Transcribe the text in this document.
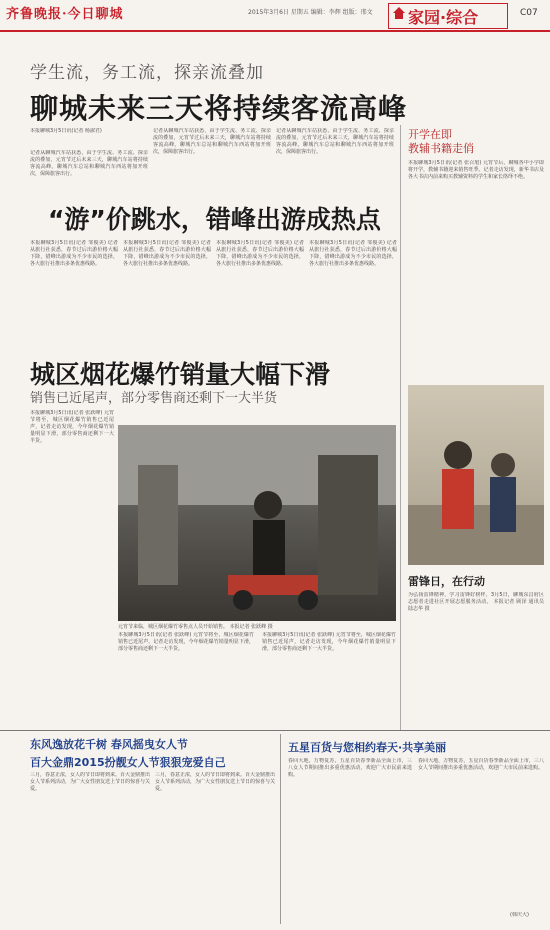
齐鲁晚报·今日聊城	2015年3月6日 星期五 编辑：李辉 组版：邢文 家园·综合	C07
学生流，务工流，探亲流叠加
聊城未来三天将持续客流高峰
本报聊城3月5日讯(记者 杨淑君)
记者从聊城汽车站获悉，由于学生流、务工流、探亲流的叠加，元宵节过后未来三天，聊城汽车站将持续客流高峰。聊城汽车总站和聊城汽车西站将加开班次，保障旅客出行。
记者从聊城汽车站获悉，由于学生流、务工流、探亲流的叠加，元宵节过后未来三天，聊城汽车站将持续客流高峰。聊城汽车总站和聊城汽车西站将加开班次，保障旅客出行。
记者从聊城汽车站获悉，由于学生流、务工流、探亲流的叠加，元宵节过后未来三天，聊城汽车站将持续客流高峰。聊城汽车总站和聊城汽车西站将加开班次，保障旅客出行。
开学在即
教辅书籍走俏
本报聊城3月5日讯(记者 张召旭) 元宵节后，聊城各中小学即将开学，教辅书籍迎来销售旺季。记者走访发现，新华书店及各大书店内前来购买教辅资料的学生和家长络绎不绝。
“游”价跳水，错峰出游成热点
本报聊城3月5日讯(记者 邹俊美) 记者从旅行社获悉，春节过后出游价格大幅下降，错峰出游成为不少市民的选择，各大旅行社推出多条优惠线路。
本报聊城3月5日讯(记者 邹俊美) 记者从旅行社获悉，春节过后出游价格大幅下降，错峰出游成为不少市民的选择，各大旅行社推出多条优惠线路。
本报聊城3月5日讯(记者 邹俊美) 记者从旅行社获悉，春节过后出游价格大幅下降，错峰出游成为不少市民的选择，各大旅行社推出多条优惠线路。
本报聊城3月5日讯(记者 邹俊美) 记者从旅行社获悉，春节过后出游价格大幅下降，错峰出游成为不少市民的选择，各大旅行社推出多条优惠线路。
城区烟花爆竹销量大幅下滑
销售已近尾声，部分零售商还剩下一大半货
本报聊城3月5日讯(记者 张跃峰) 元宵节将至，城区烟花爆竹销售已近尾声，记者走访发现，今年烟花爆竹销量明显下滑，部分零售商还剩下一大半货。
元宵节来临，城区烟花爆竹零售点人员开始销售。 本报记者 张跃峰 摄
本报聊城3月5日讯(记者 张跃峰) 元宵节将至，城区烟花爆竹销售已近尾声，记者走访发现，今年烟花爆竹销量明显下滑，部分零售商还剩下一大半货。
本报聊城3月5日讯(记者 张跃峰) 元宵节将至，城区烟花爆竹销售已近尾声，记者走访发现，今年烟花爆竹销量明显下滑，部分零售商还剩下一大半货。
雷锋日，在行动
为弘扬雷锋精神，学习雷锋好榜样，3月5日，聊城东昌府区志愿者走进社区开展志愿服务活动。 本报记者 顾泽 通讯员 陆志华 摄
东风逸放花千树 春风摇曳女人节
百大金鼎2015扮靓女人节狠狠宠爱自己
三月，春意正浓，女人的节日即将到来。百大金鼎推出女人节系列活动，为广大女性朋友送上节日的惊喜与关爱。
三月，春意正浓，女人的节日即将到来。百大金鼎推出女人节系列活动，为广大女性朋友送上节日的惊喜与关爱。
五星百货与您相约春天·共享美丽
春回大地，万物复苏，五星百货春季新品全面上市，三八女人节期间推出多重优惠活动，欢迎广大市民前来选购。
春回大地，万物复苏，五星百货春季新品全面上市，三八女人节期间推出多重优惠活动，欢迎广大市民前来选购。
(韩庆大)
